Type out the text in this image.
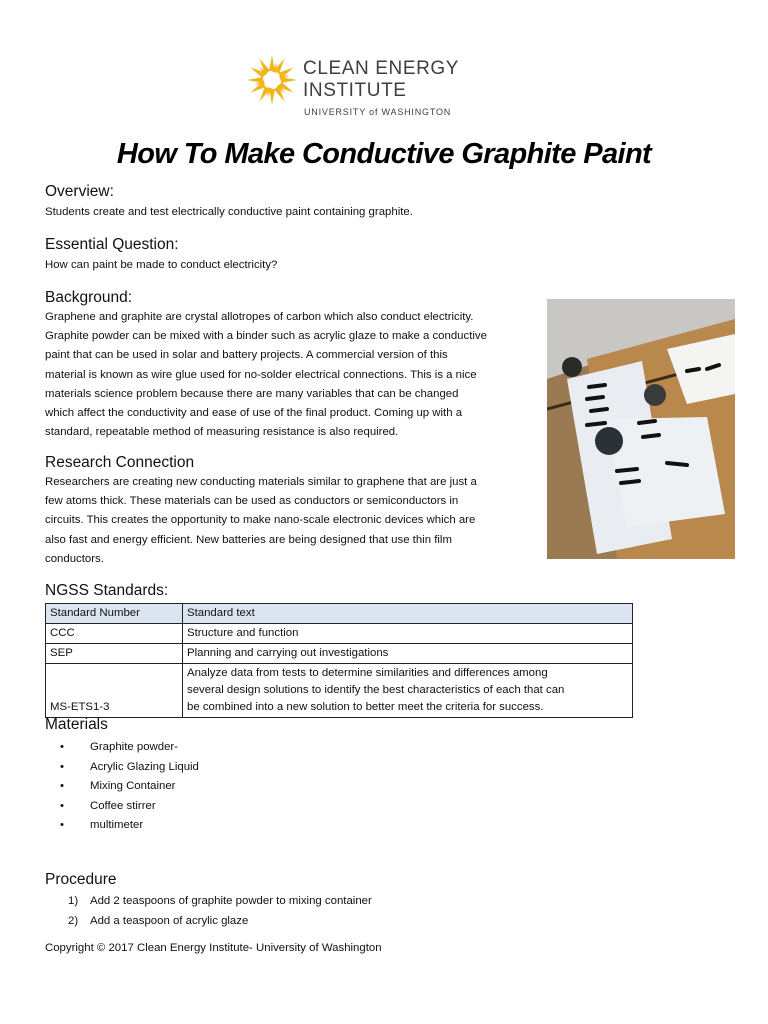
CLEAN ENERGY
INSTITUTE
UNIVERSITY of WASHINGTON
How To Make Conductive Graphite Paint
Overview:

Students create and test electrically conductive paint containing graphite.

Essential Question:

How can paint be made to conduct electricity?

Background:

Graphene and graphite are crystal allotropes of carbon which also conduct electricity.
Graphite powder can be mixed with a binder such as acrylic glaze to make a conductive
paint that can be used in solar and battery projects. A commercial version of this
material is known as wire glue used for no-solder electrical connections. This is a nice
materials science problem because there are many variables that can be changed
which affect the conductivity and ease of use of the final product. Coming up with a
standard, repeatable method of measuring resistance is also required.

Research Connection

Researchers are creating new conducting materials similar to graphene that are just a
few atoms thick. These materials can be used as conductors or semiconductors in
circuits. This creates the opportunity to make nano-scale electronic devices which are
also fast and energy efficient. New batteries are being designed that use thin film
conductors.

NGSS Standards:
Standard Number	Standard text
CCC	Structure and function
SEP	Planning and carrying out investigations
MS-ETS1-3	Analyze data from tests to determine similarities and differences among
several design solutions to identify the best characteristics of each that can
be combined into a new solution to better meet the criteria for success.
Materials
• Graphite powder-
• Acrylic Glazing Liquid
• Mixing Container
• Coffee stirrer
• multimeter
Procedure
1) Add 2 teaspoons of graphite powder to mixing container
2) Add a teaspoon of acrylic glaze

Copyright © 2017 Clean Energy Institute- University of Washington
